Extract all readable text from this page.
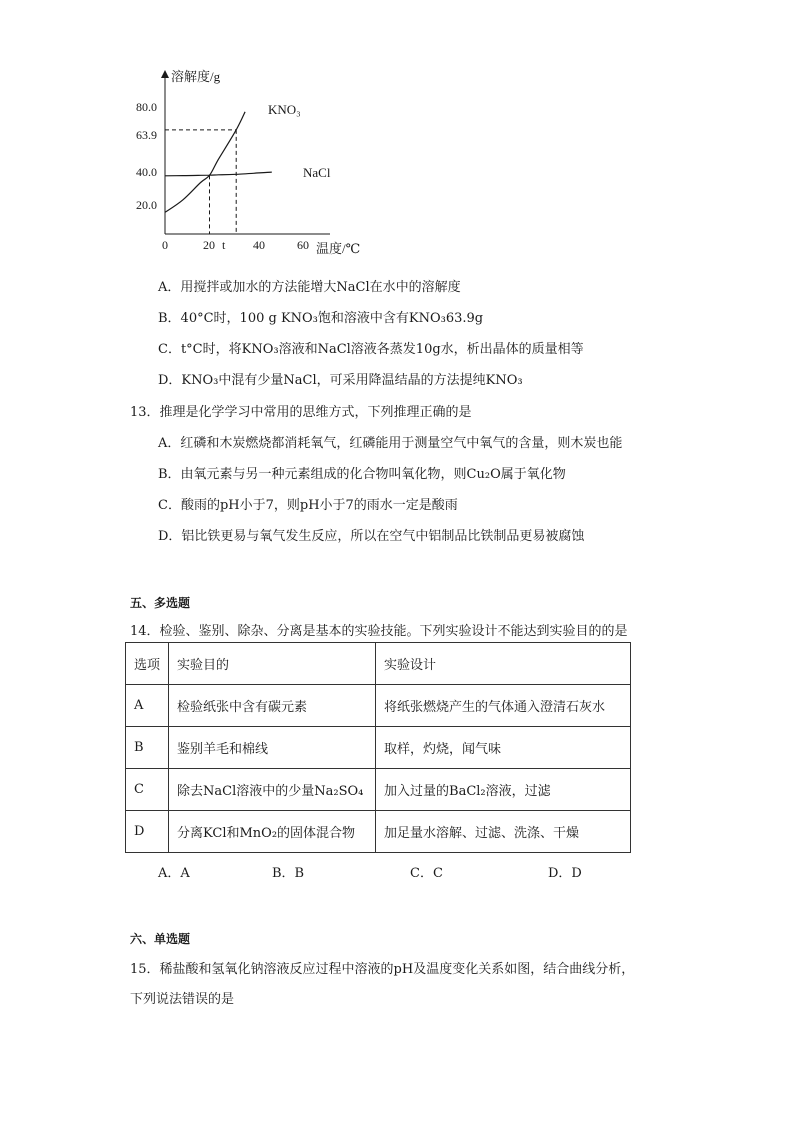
溶解度/g
温度/℃
20.0
40.0
63.9
80.0
0	20 t 40	60
KNO₃
NaCl
A．用搅拌或加水的方法能增大NaCl在水中的溶解度
B．40°C时，100 g KNO₃饱和溶液中含有KNO₃63.9g
C．t°C时，将KNO₃溶液和NaCl溶液各蒸发10g水，析出晶体的质量相等
D．KNO₃中混有少量NaCl，可采用降温结晶的方法提纯KNO₃
13．推理是化学学习中常用的思维方式，下列推理正确的是
A．红磷和木炭燃烧都消耗氧气，红磷能用于测量空气中氧气的含量，则木炭也能
B．由氧元素与另一种元素组成的化合物叫氧化物，则Cu₂O属于氧化物
C．酸雨的pH小于7，则pH小于7的雨水一定是酸雨
D．铝比铁更易与氧气发生反应，所以在空气中铝制品比铁制品更易被腐蚀
五、多选题
14．检验、鉴别、除杂、分离是基本的实验技能。下列实验设计不能达到实验目的的是
选项	实验目的	实验设计
A	检验纸张中含有碳元素	将纸张燃烧产生的气体通入澄清石灰水
B	鉴别羊毛和棉线	取样，灼烧，闻气味
C	除去NaCl溶液中的少量Na₂SO₄	加入过量的BaCl₂溶液，过滤
D	分离KCl和MnO₂的固体混合物	加足量水溶解、过滤、洗涤、干燥
A．A	B．B	C．C	D．D
六、单选题
15．稀盐酸和氢氧化钠溶液反应过程中溶液的pH及温度变化关系如图，结合曲线分析，
下列说法错误的是
